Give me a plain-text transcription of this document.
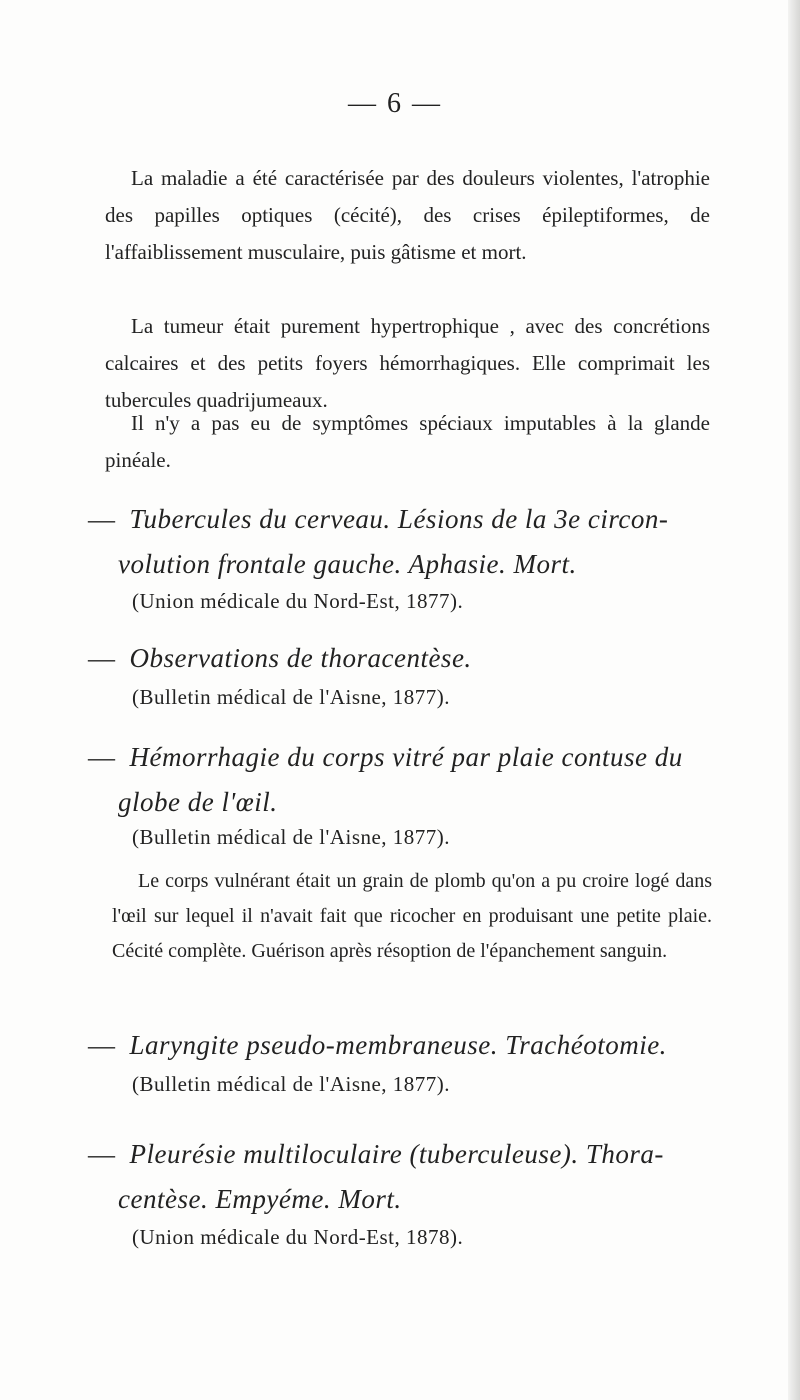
— 6 —

La maladie a été caractérisée par des douleurs violentes, l'atrophie des papilles optiques (cécité), des crises épileptiformes, de l'affaiblissement musculaire, puis gâtisme et mort.

La tumeur était purement hypertrophique , avec des concrétions calcaires et des petits foyers hémorrhagiques. Elle comprimait les tubercules quadrijumeaux.

Il n'y a pas eu de symptômes spéciaux imputables à la glande pinéale.

— Tubercules du cerveau. Lésions de la 3e circon-
volution frontale gauche. Aphasie. Mort.

(Union médicale du Nord-Est, 1877).

— Observations de thoracentèse.

(Bulletin médical de l'Aisne, 1877).

— Hémorrhagie du corps vitré par plaie contuse du
globe de l'œil.

(Bulletin médical de l'Aisne, 1877).

Le corps vulnérant était un grain de plomb qu'on a pu croire logé dans l'œil sur lequel il n'avait fait que ricocher en produisant une petite plaie. Cécité complète. Guérison après résoption de l'épanchement sanguin.

— Laryngite pseudo-membraneuse. Trachéotomie.

(Bulletin médical de l'Aisne, 1877).

— Pleurésie multiloculaire (tuberculeuse). Thora-
centèse. Empyéme. Mort.

(Union médicale du Nord-Est, 1878).
